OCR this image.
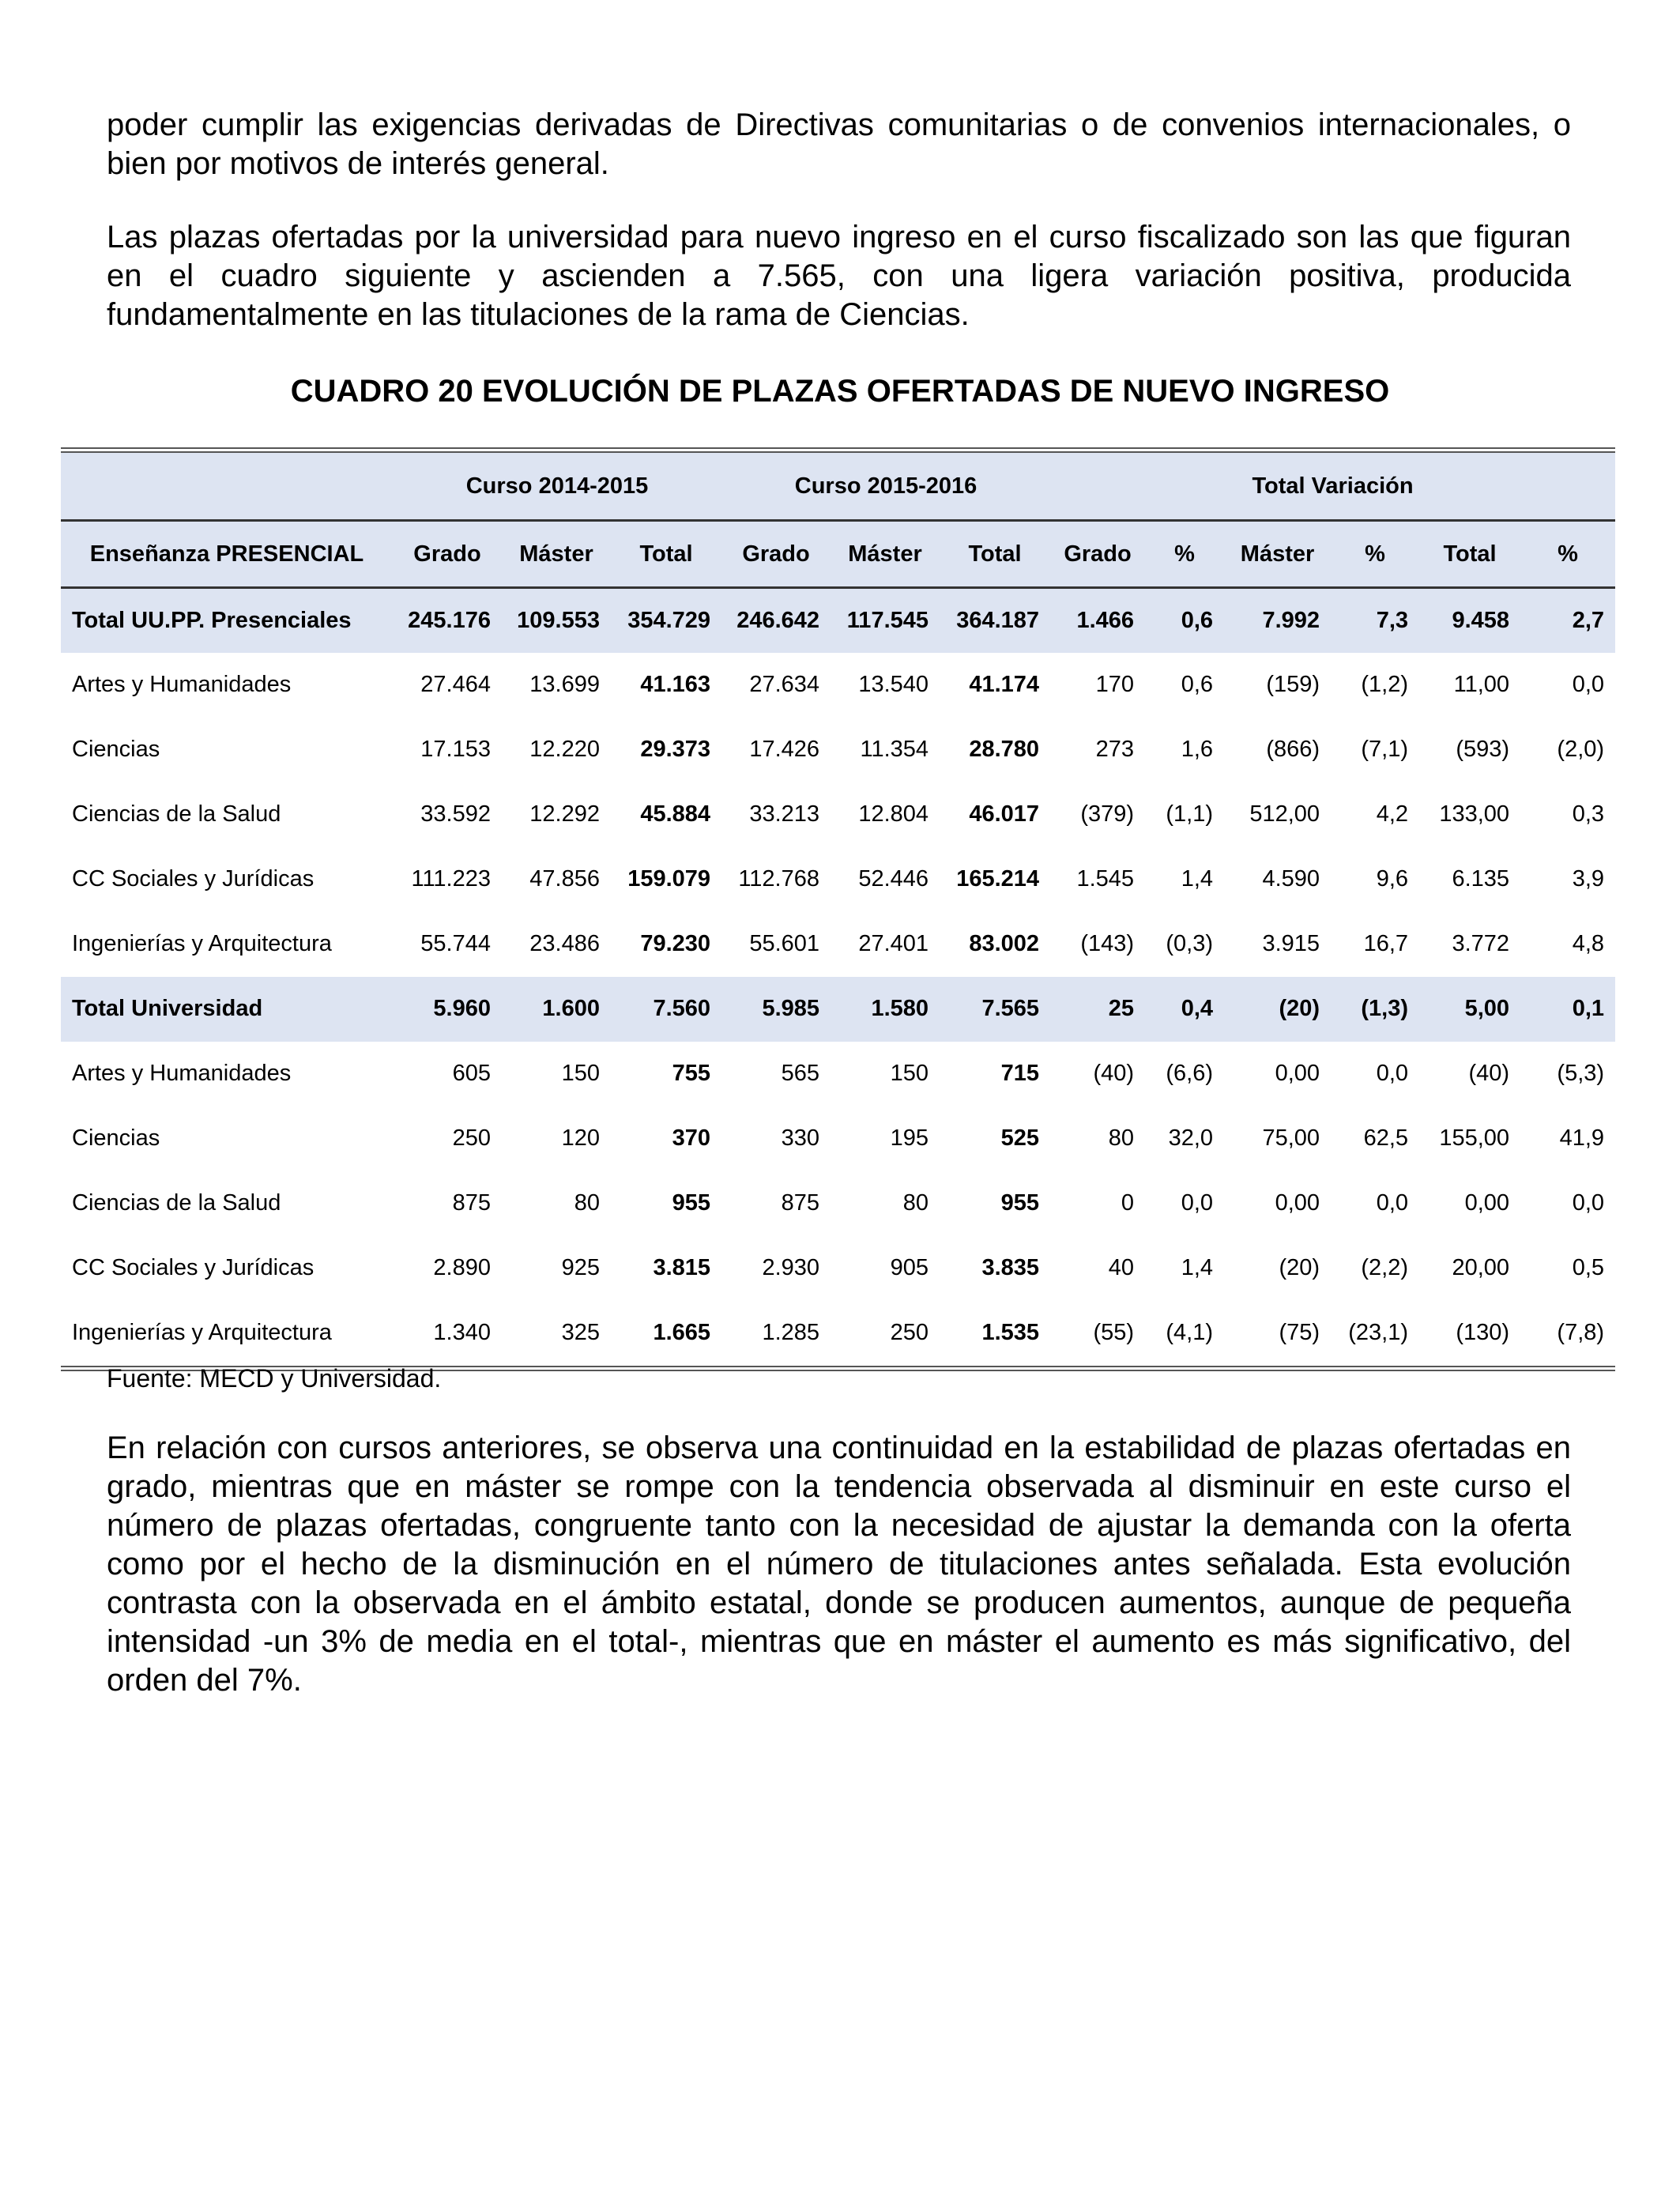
poder cumplir las exigencias derivadas de Directivas comunitarias o de convenios internacionales, o bien por motivos de interés general.

Las plazas ofertadas por la universidad para nuevo ingreso en el curso fiscalizado son las que figuran en el cuadro siguiente y ascienden a 7.565, con una ligera variación positiva, producida fundamentalmente en las titulaciones de la rama de Ciencias.

CUADRO 20 EVOLUCIÓN DE PLAZAS OFERTADAS DE NUEVO INGRESO
	Curso 2014-2015			Curso 2015-2016			Total Variación					
Enseñanza PRESENCIAL	Grado	Máster	Total	Grado	Máster	Total	Grado	%	Máster	%	Total	%
Total UU.PP. Presenciales	245.176	109.553	354.729	246.642	117.545	364.187	1.466	0,6	7.992	7,3	9.458	2,7
Artes y Humanidades	27.464	13.699	41.163	27.634	13.540	41.174	170	0,6	(159)	(1,2)	11,00	0,0
Ciencias	17.153	12.220	29.373	17.426	11.354	28.780	273	1,6	(866)	(7,1)	(593)	(2,0)
Ciencias de la Salud	33.592	12.292	45.884	33.213	12.804	46.017	(379)	(1,1)	512,00	4,2	133,00	0,3
CC Sociales y Jurídicas	111.223	47.856	159.079	112.768	52.446	165.214	1.545	1,4	4.590	9,6	6.135	3,9
Ingenierías y Arquitectura	55.744	23.486	79.230	55.601	27.401	83.002	(143)	(0,3)	3.915	16,7	3.772	4,8
Total Universidad	5.960	1.600	7.560	5.985	1.580	7.565	25	0,4	(20)	(1,3)	5,00	0,1
Artes y Humanidades	605	150	755	565	150	715	(40)	(6,6)	0,00	0,0	(40)	(5,3)
Ciencias	250	120	370	330	195	525	80	32,0	75,00	62,5	155,00	41,9
Ciencias de la Salud	875	80	955	875	80	955	0	0,0	0,00	0,0	0,00	0,0
CC Sociales y Jurídicas	2.890	925	3.815	2.930	905	3.835	40	1,4	(20)	(2,2)	20,00	0,5
Ingenierías y Arquitectura	1.340	325	1.665	1.285	250	1.535	(55)	(4,1)	(75)	(23,1)	(130)	(7,8)

Fuente: MECD y Universidad.

En relación con cursos anteriores, se observa una continuidad en la estabilidad de plazas ofertadas en grado, mientras que en máster se rompe con la tendencia observada al disminuir en este curso el número de plazas ofertadas, congruente tanto con la necesidad de ajustar la demanda con la oferta como por el hecho de la disminución en el número de titulaciones antes señalada. Esta evolución contrasta con la observada en el ámbito estatal, donde se producen aumentos, aunque de pequeña intensidad -un 3% de media en el total-, mientras que en máster el aumento es más significativo, del orden del 7%.
